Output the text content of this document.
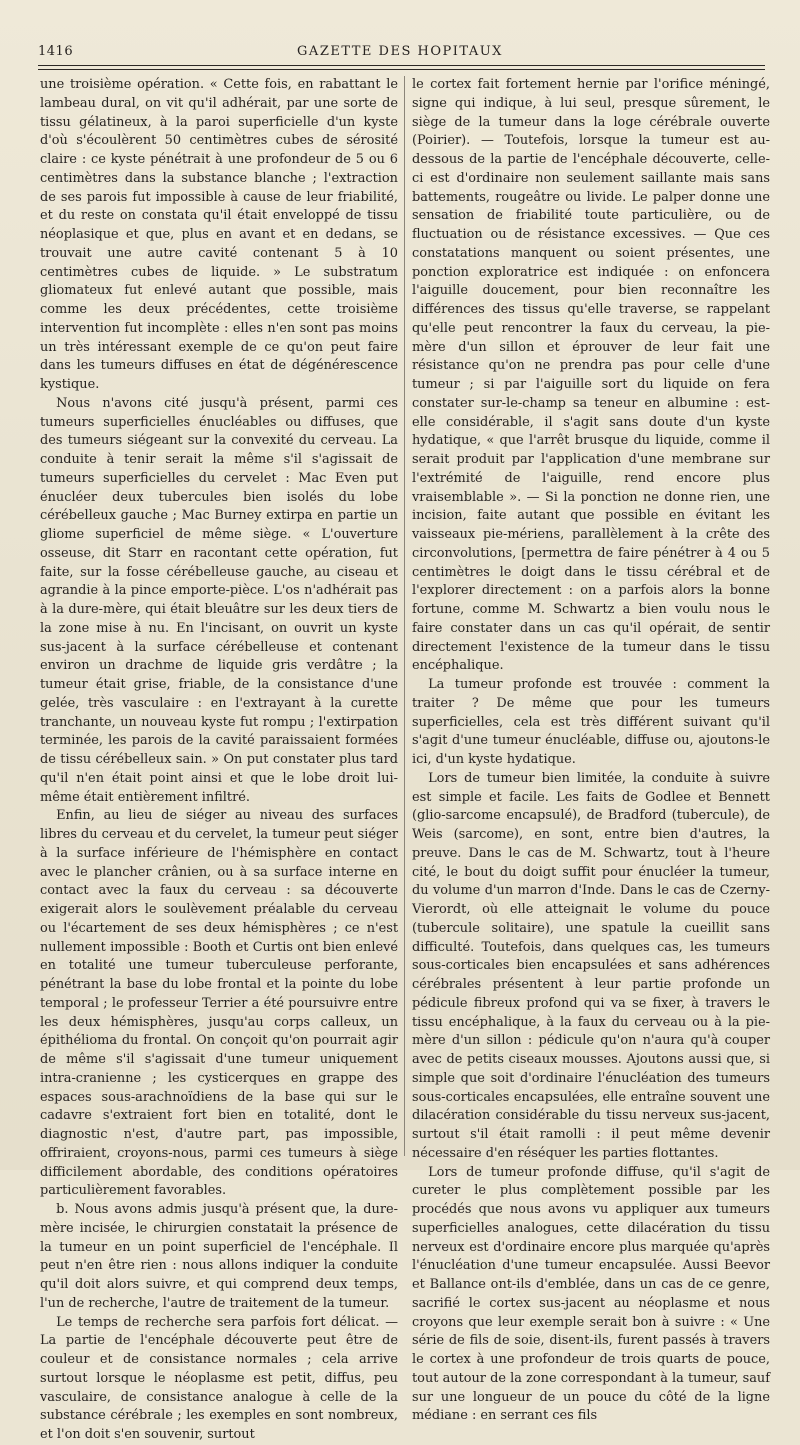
1416	GAZETTE DES HOPITAUX

une troisième opération. « Cette fois, en rabattant le lambeau dural, on vit qu'il adhérait, par une sorte de tissu gélatineux, à la paroi superficielle d'un kyste d'où s'écoulèrent 50 centimètres cubes de sérosité claire : ce kyste pénétrait à une profondeur de 5 ou 6 centimètres dans la substance blanche ; l'extraction de ses parois fut impossible à cause de leur friabilité, et du reste on constata qu'il était enveloppé de tissu néoplasique et que, plus en avant et en dedans, se trouvait une autre cavité contenant 5 à 10 centimètres cubes de liquide. » Le substratum gliomateux fut enlevé autant que possible, mais comme les deux précédentes, cette troisième intervention fut incomplète : elles n'en sont pas moins un très intéressant exemple de ce qu'on peut faire dans les tumeurs diffuses en état de dégénérescence kystique.

Nous n'avons cité jusqu'à présent, parmi ces tumeurs superficielles énucléables ou diffuses, que des tumeurs siégeant sur la convexité du cerveau. La conduite à tenir serait la même s'il s'agissait de tumeurs superficielles du cervelet : Mac Even put énucléer deux tubercules bien isolés du lobe cérébelleux gauche ; Mac Burney extirpa en partie un gliome superficiel de même siège. « L'ouverture osseuse, dit Starr en racontant cette opération, fut faite, sur la fosse cérébelleuse gauche, au ciseau et agrandie à la pince emporte-pièce. L'os n'adhérait pas à la dure-mère, qui était bleuâtre sur les deux tiers de la zone mise à nu. En l'incisant, on ouvrit un kyste sus-jacent à la surface cérébelleuse et contenant environ un drachme de liquide gris verdâtre ; la tumeur était grise, friable, de la consistance d'une gelée, très vasculaire : en l'extrayant à la curette tranchante, un nouveau kyste fut rompu ; l'extirpation terminée, les parois de la cavité paraissaient formées de tissu cérébelleux sain. » On put constater plus tard qu'il n'en était point ainsi et que le lobe droit lui-même était entièrement infiltré.

Enfin, au lieu de siéger au niveau des surfaces libres du cerveau et du cervelet, la tumeur peut siéger à la surface inférieure de l'hémisphère en contact avec le plancher crânien, ou à sa surface interne en contact avec la faux du cerveau : sa découverte exigerait alors le soulèvement préalable du cerveau ou l'écartement de ses deux hémisphères ; ce n'est nullement impossible : Booth et Curtis ont bien enlevé en totalité une tumeur tuberculeuse perforante, pénétrant la base du lobe frontal et la pointe du lobe temporal ; le professeur Terrier a été poursuivre entre les deux hémisphères, jusqu'au corps calleux, un épithélioma du frontal. On conçoit qu'on pourrait agir de même s'il s'agissait d'une tumeur uniquement intra-cranienne ; les cysticerques en grappe des espaces sous-arachnoïdiens de la base qui sur le cadavre s'extraient fort bien en totalité, dont le diagnostic n'est, d'autre part, pas impossible, offriraient, croyons-nous, parmi ces tumeurs à siège difficilement abordable, des conditions opératoires particulièrement favorables.

b. Nous avons admis jusqu'à présent que, la dure-mère incisée, le chirurgien constatait la présence de la tumeur en un point superficiel de l'encéphale. Il peut n'en être rien : nous allons indiquer la conduite qu'il doit alors suivre, et qui comprend deux temps, l'un de recherche, l'autre de traitement de la tumeur.

Le temps de recherche sera parfois fort délicat. — La partie de l'encéphale découverte peut être de couleur et de consistance normales ; cela arrive surtout lorsque le néoplasme est petit, diffus, peu vasculaire, de consistance analogue à celle de la substance cérébrale ; les exemples en sont nombreux, et l'on doit s'en souvenir, surtout

le cortex fait fortement hernie par l'orifice méningé, signe qui indique, à lui seul, presque sûrement, le siège de la tumeur dans la loge cérébrale ouverte (Poirier). — Toutefois, lorsque la tumeur est au-dessous de la partie de l'encéphale découverte, celle-ci est d'ordinaire non seulement saillante mais sans battements, rougeâtre ou livide. Le palper donne une sensation de friabilité toute particulière, ou de fluctuation ou de résistance excessives. — Que ces constatations manquent ou soient présentes, une ponction exploratrice est indiquée : on enfoncera l'aiguille doucement, pour bien reconnaître les différences des tissus qu'elle traverse, se rappelant qu'elle peut rencontrer la faux du cerveau, la pie-mère d'un sillon et éprouver de leur fait une résistance qu'on ne prendra pas pour celle d'une tumeur ; si par l'aiguille sort du liquide on fera constater sur-le-champ sa teneur en albumine : est-elle considérable, il s'agit sans doute d'un kyste hydatique, « que l'arrêt brusque du liquide, comme il serait produit par l'application d'une membrane sur l'extrémité de l'aiguille, rend encore plus vraisemblable ». — Si la ponction ne donne rien, une incision, faite autant que possible en évitant les vaisseaux pie-mériens, parallèlement à la crête des circonvolutions, [permettra de faire pénétrer à 4 ou 5 centimètres le doigt dans le tissu cérébral et de l'explorer directement : on a parfois alors la bonne fortune, comme M. Schwartz a bien voulu nous le faire constater dans un cas qu'il opérait, de sentir directement l'existence de la tumeur dans le tissu encéphalique.

La tumeur profonde est trouvée : comment la traiter ? De même que pour les tumeurs superficielles, cela est très différent suivant qu'il s'agit d'une tumeur énucléable, diffuse ou, ajoutons-le ici, d'un kyste hydatique.

Lors de tumeur bien limitée, la conduite à suivre est simple et facile. Les faits de Godlee et Bennett (glio-sarcome encapsulé), de Bradford (tubercule), de Weis (sarcome), en sont, entre bien d'autres, la preuve. Dans le cas de M. Schwartz, tout à l'heure cité, le bout du doigt suffit pour énucléer la tumeur, du volume d'un marron d'Inde. Dans le cas de Czerny-Vierordt, où elle atteignait le volume du pouce (tubercule solitaire), une spatule la cueillit sans difficulté. Toutefois, dans quelques cas, les tumeurs sous-corticales bien encapsulées et sans adhérences cérébrales présentent à leur partie profonde un pédicule fibreux profond qui va se fixer, à travers le tissu encéphalique, à la faux du cerveau ou à la pie-mère d'un sillon : pédicule qu'on n'aura qu'à couper avec de petits ciseaux mousses. Ajoutons aussi que, si simple que soit d'ordinaire l'énucléation des tumeurs sous-corticales encapsulées, elle entraîne souvent une dilacération considérable du tissu nerveux sus-jacent, surtout s'il était ramolli : il peut même devenir nécessaire d'en réséquer les parties flottantes.

Lors de tumeur profonde diffuse, qu'il s'agit de cureter le plus complètement possible par les procédés que nous avons vu appliquer aux tumeurs superficielles analogues, cette dilacération du tissu nerveux est d'ordinaire encore plus marquée qu'après l'énucléation d'une tumeur encapsulée. Aussi Beevor et Ballance ont-ils d'emblée, dans un cas de ce genre, sacrifié le cortex sus-jacent au néoplasme et nous croyons que leur exemple serait bon à suivre : « Une série de fils de soie, disent-ils, furent passés à travers le cortex à une profondeur de trois quarts de pouce, tout autour de la zone correspondant à la tumeur, sauf sur une longueur de un pouce du côté de la ligne médiane : en serrant ces fils
